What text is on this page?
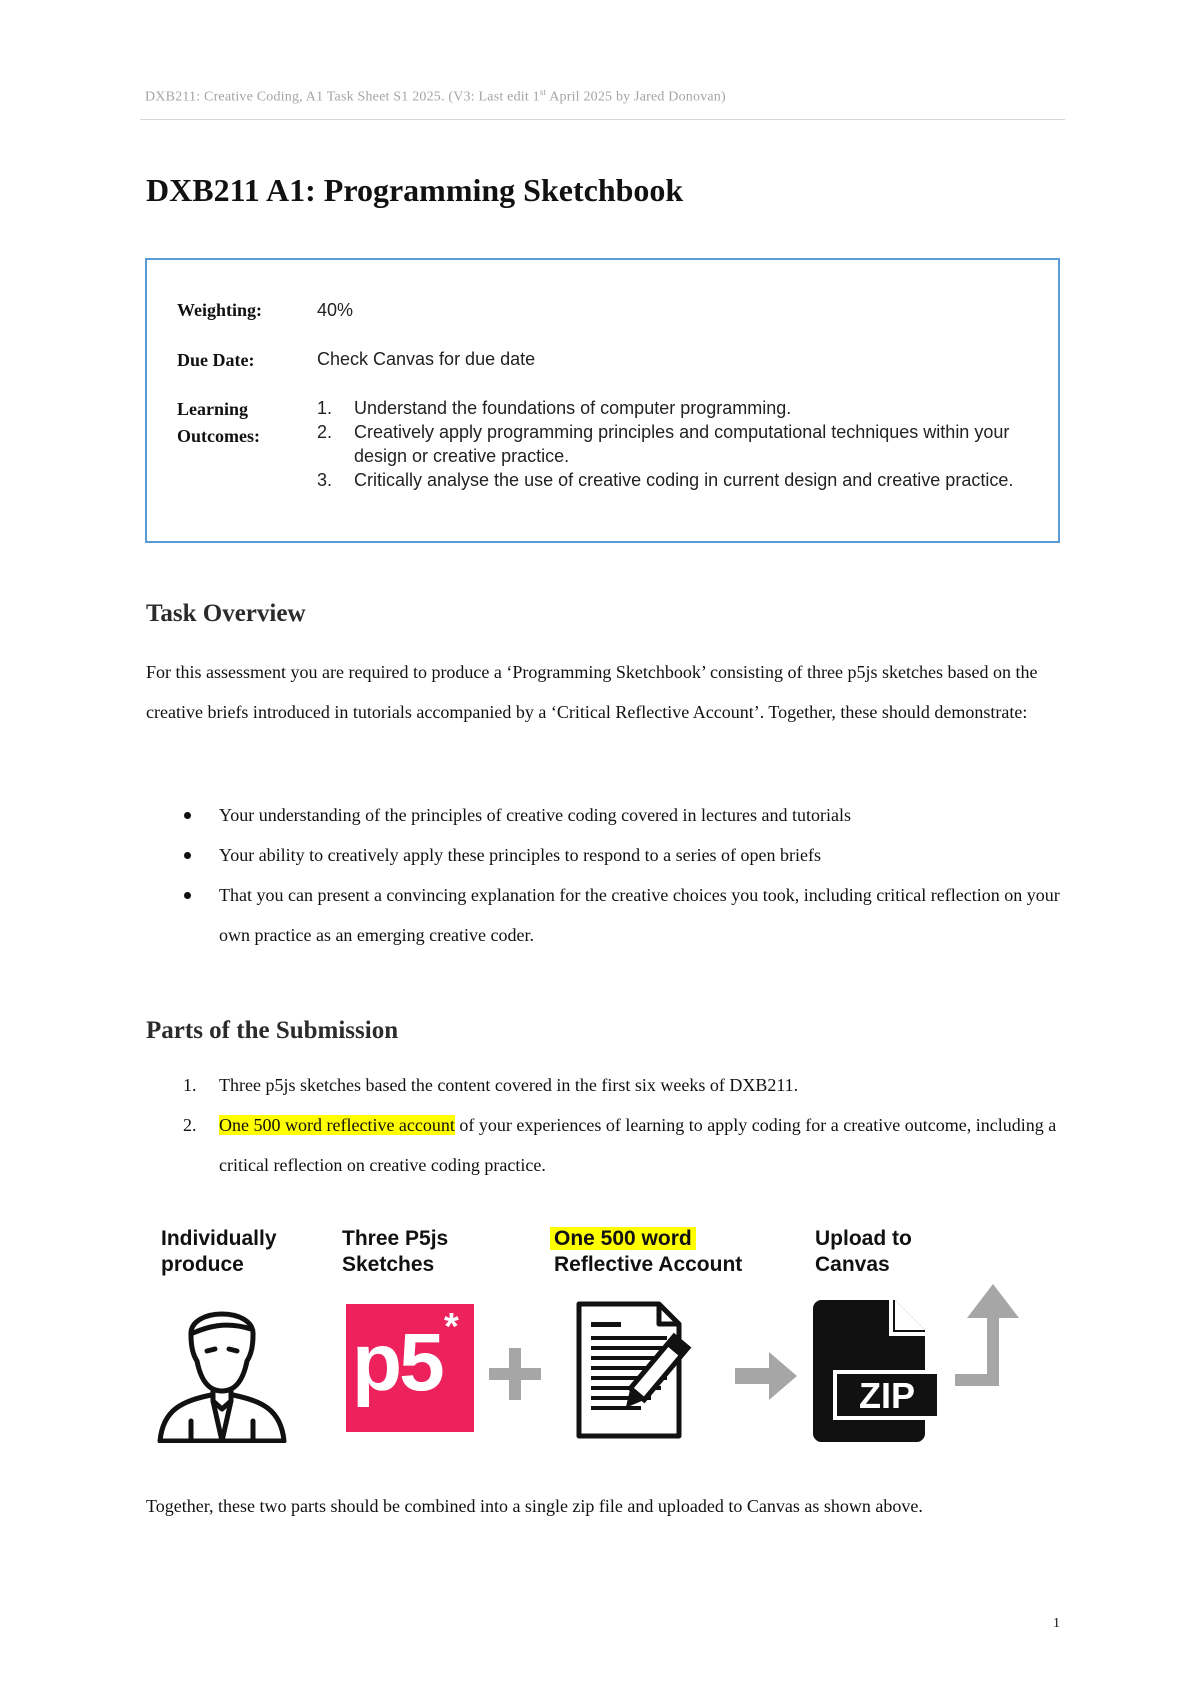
DXB211: Creative Coding, A1 Task Sheet S1 2025. (V3: Last edit 1st April 2025 by Jared Donovan)
DXB211 A1: Programming Sketchbook
Weighting:	40%
Due Date:	Check Canvas for due date
Learning
Outcomes:
1. Understand the foundations of computer programming.
2. Creatively apply programming principles and computational techniques within your design or creative practice.
3. Critically analyse the use of creative coding in current design and creative practice.
Task Overview

For this assessment you are required to produce a ‘Programming Sketchbook’ consisting of three p5js sketches based on the creative briefs introduced in tutorials accompanied by a ‘Critical Reflective Account’. Together, these should demonstrate:

Your understanding of the principles of creative coding covered in lectures and tutorials
Your ability to creatively apply these principles to respond to a series of open briefs
That you can present a convincing explanation for the creative choices you took, including critical reflection on your own practice as an emerging creative coder.
Parts of the Submission
1. Three p5js sketches based the content covered in the first six weeks of DXB211.
2. One 500 word reflective account of your experiences of learning to apply coding for a creative outcome, including a critical reflection on creative coding practice.
Individually
produce
Three P5js
Sketches
One 500 word
Reflective Account
Upload to
Canvas
p5 *
ZIP

Together, these two parts should be combined into a single zip file and uploaded to Canvas as shown above.

1
